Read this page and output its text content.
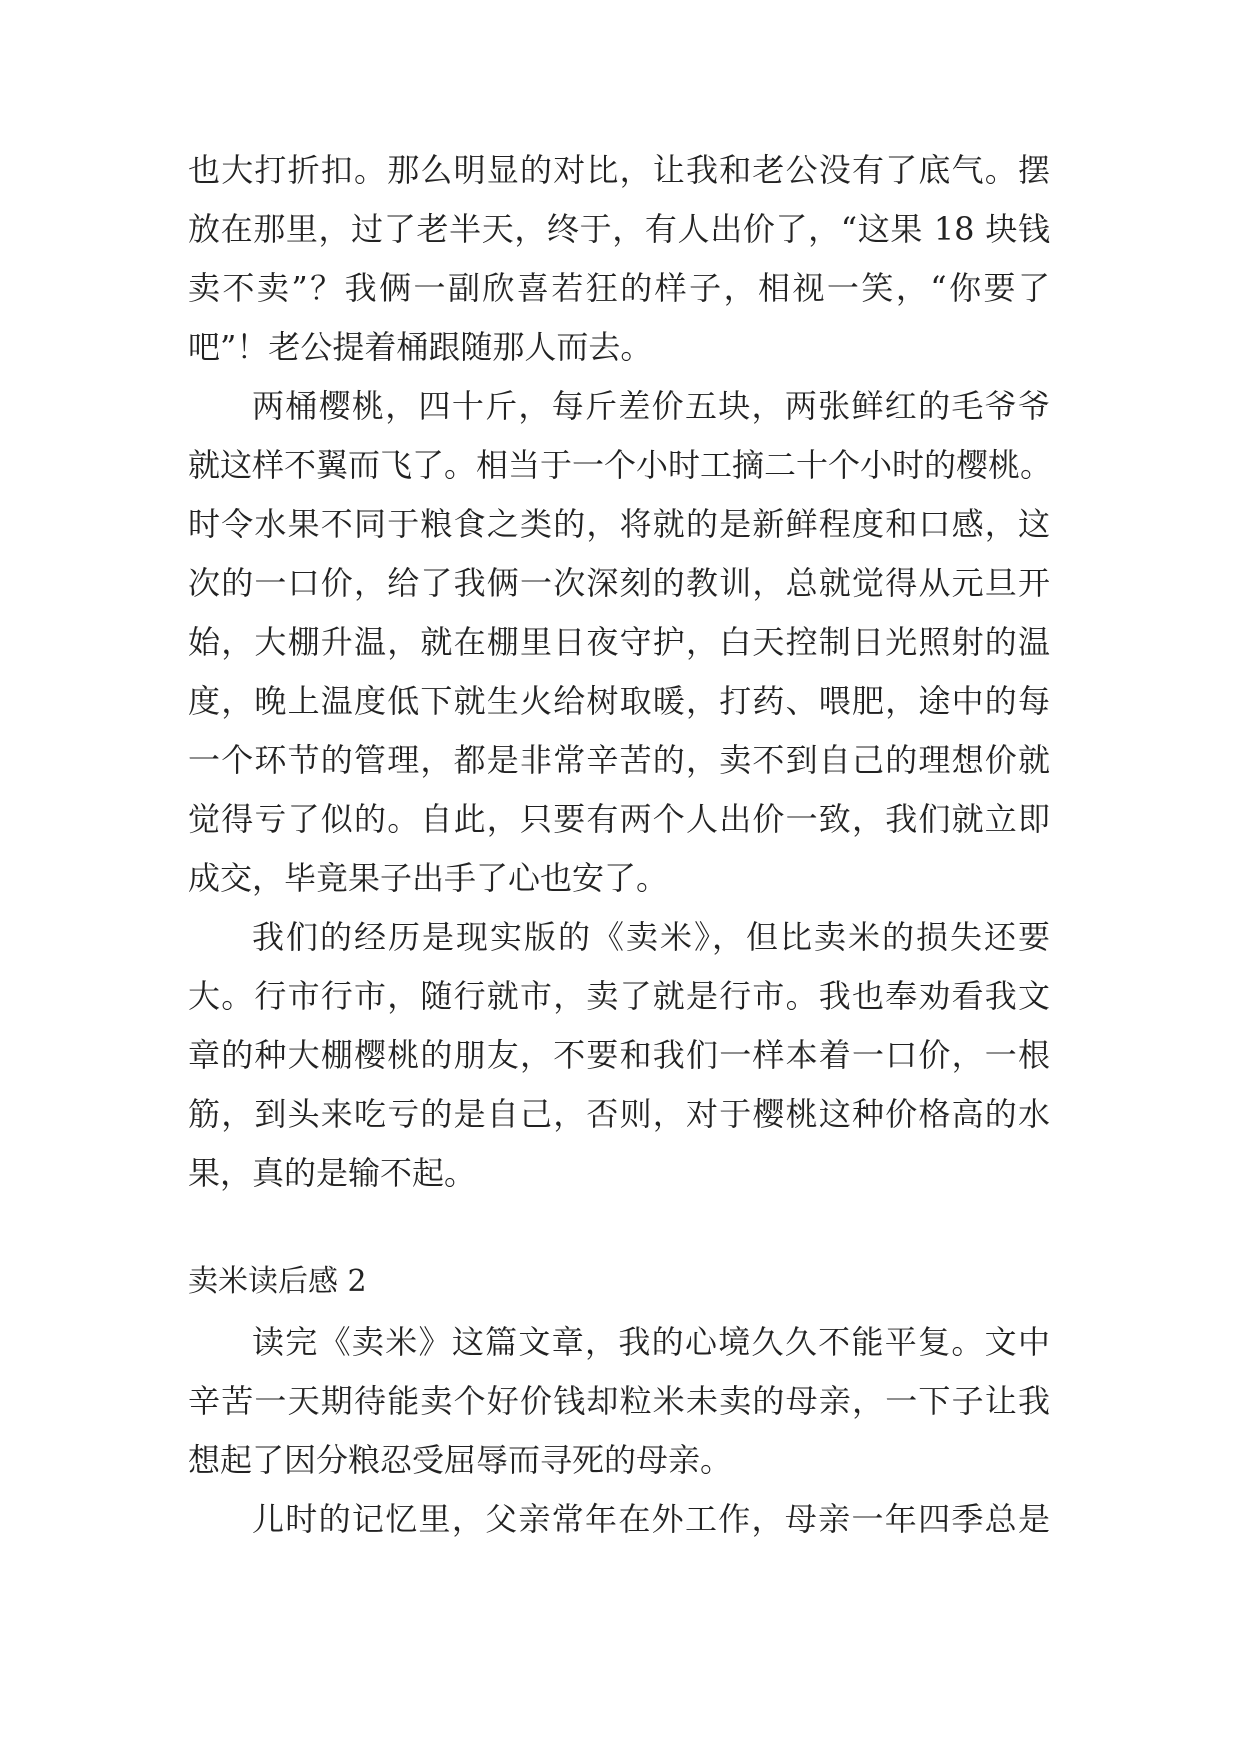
也大打折扣。那么明显的对比，让我和老公没有了底气。摆
放在那里，过了老半天，终于，有人出价了，“这果 18 块钱
卖不卖”？我俩一副欣喜若狂的样子，相视一笑，“你要了
吧”！老公提着桶跟随那人而去。
两桶樱桃，四十斤，每斤差价五块，两张鲜红的毛爷爷
就这样不翼而飞了。相当于一个小时工摘二十个小时的樱桃。
时令水果不同于粮食之类的，将就的是新鲜程度和口感，这
次的一口价，给了我俩一次深刻的教训，总就觉得从元旦开
始，大棚升温，就在棚里日夜守护，白天控制日光照射的温
度，晚上温度低下就生火给树取暖，打药、喂肥，途中的每
一个环节的管理，都是非常辛苦的，卖不到自己的理想价就
觉得亏了似的。自此，只要有两个人出价一致，我们就立即
成交，毕竟果子出手了心也安了。
我们的经历是现实版的《卖米》，但比卖米的损失还要
大。行市行市，随行就市，卖了就是行市。我也奉劝看我文
章的种大棚樱桃的朋友，不要和我们一样本着一口价，一根
筋，到头来吃亏的是自己，否则，对于樱桃这种价格高的水
果，真的是输不起。
卖米读后感 2
读完《卖米》这篇文章，我的心境久久不能平复。文中
辛苦一天期待能卖个好价钱却粒米未卖的母亲，一下子让我
想起了因分粮忍受屈辱而寻死的母亲。
儿时的记忆里，父亲常年在外工作，母亲一年四季总是
